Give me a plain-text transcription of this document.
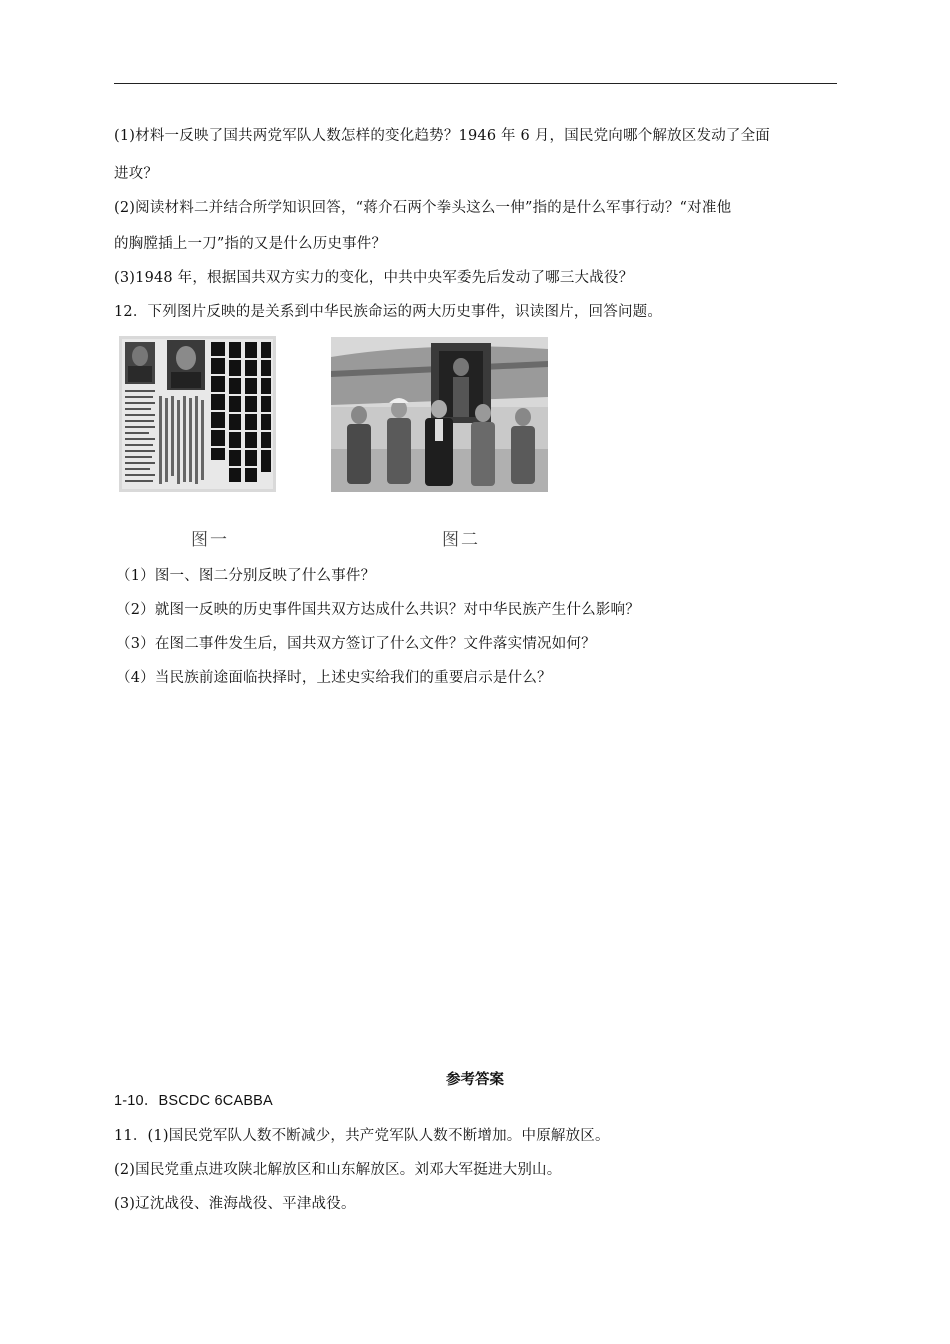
(1)材料一反映了国共两党军队人数怎样的变化趋势？1946 年 6 月，国民党向哪个解放区发动了全面
进攻？
(2)阅读材料二并结合所学知识回答，“蒋介石两个拳头这么一伸”指的是什么军事行动？“对准他
的胸膛插上一刀”指的又是什么历史事件？
(3)1948 年，根据国共双方实力的变化，中共中央军委先后发动了哪三大战役？
12．下列图片反映的是关系到中华民族命运的两大历史事件，识读图片，回答问题。
图一	图二
（1）图一、图二分别反映了什么事件？
（2）就图一反映的历史事件国共双方达成什么共识？对中华民族产生什么影响？
（3）在图二事件发生后，国共双方签订了什么文件？文件落实情况如何？
（4）当民族前途面临抉择时，上述史实给我们的重要启示是什么？
参考答案
1-10．BSCDC 6CABBA
11．(1)国民党军队人数不断减少，共产党军队人数不断增加。中原解放区。
(2)国民党重点进攻陕北解放区和山东解放区。刘邓大军挺进大别山。
(3)辽沈战役、淮海战役、平津战役。
